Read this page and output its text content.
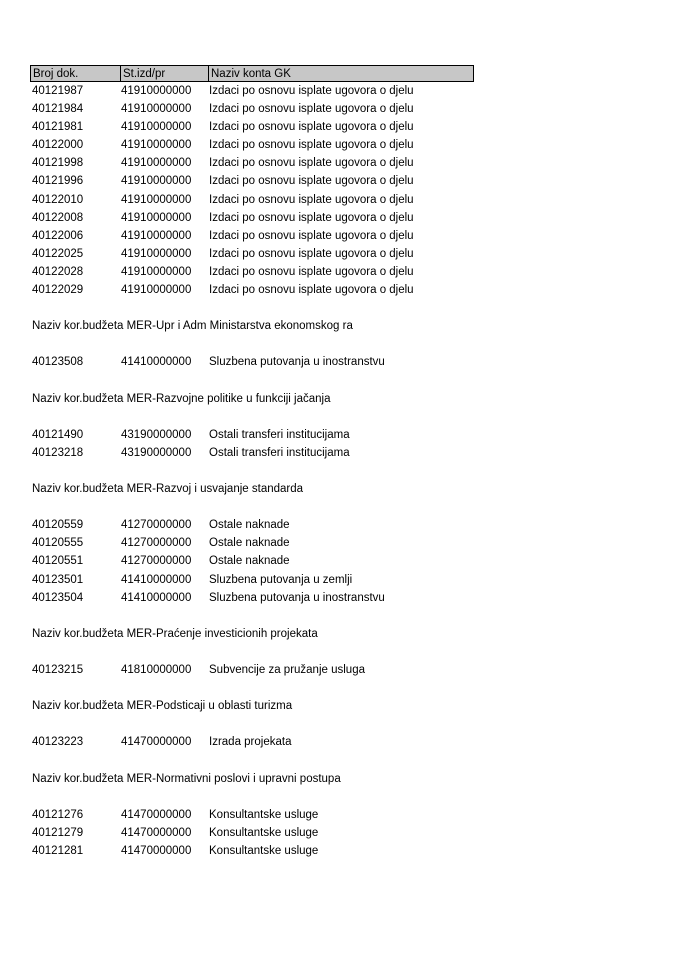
Broj dok.	St.izd/pr	Naziv konta GK
40121987	41910000000	Izdaci po osnovu isplate ugovora o djelu
40121984	41910000000	Izdaci po osnovu isplate ugovora o djelu
40121981	41910000000	Izdaci po osnovu isplate ugovora o djelu
40122000	41910000000	Izdaci po osnovu isplate ugovora o djelu
40121998	41910000000	Izdaci po osnovu isplate ugovora o djelu
40121996	41910000000	Izdaci po osnovu isplate ugovora o djelu
40122010	41910000000	Izdaci po osnovu isplate ugovora o djelu
40122008	41910000000	Izdaci po osnovu isplate ugovora o djelu
40122006	41910000000	Izdaci po osnovu isplate ugovora o djelu
40122025	41910000000	Izdaci po osnovu isplate ugovora o djelu
40122028	41910000000	Izdaci po osnovu isplate ugovora o djelu
40122029	41910000000	Izdaci po osnovu isplate ugovora o djelu
Naziv kor.budžeta MER-Upr i Adm Ministarstva ekonomskog ra
40123508	41410000000	Sluzbena putovanja u inostranstvu
Naziv kor.budžeta MER-Razvojne politike u funkciji jačanja
40121490	43190000000	Ostali transferi institucijama
40123218	43190000000	Ostali transferi institucijama
Naziv kor.budžeta MER-Razvoj i usvajanje standarda
40120559	41270000000	Ostale naknade
40120555	41270000000	Ostale naknade
40120551	41270000000	Ostale naknade
40123501	41410000000	Sluzbena putovanja u zemlji
40123504	41410000000	Sluzbena putovanja u inostranstvu
Naziv kor.budžeta MER-Praćenje investicionih projekata
40123215	41810000000	Subvencije za pružanje usluga
Naziv kor.budžeta MER-Podsticaji u oblasti turizma
40123223	41470000000	Izrada projekata
Naziv kor.budžeta MER-Normativni poslovi i upravni postupa
40121276	41470000000	Konsultantske usluge
40121279	41470000000	Konsultantske usluge
40121281	41470000000	Konsultantske usluge
